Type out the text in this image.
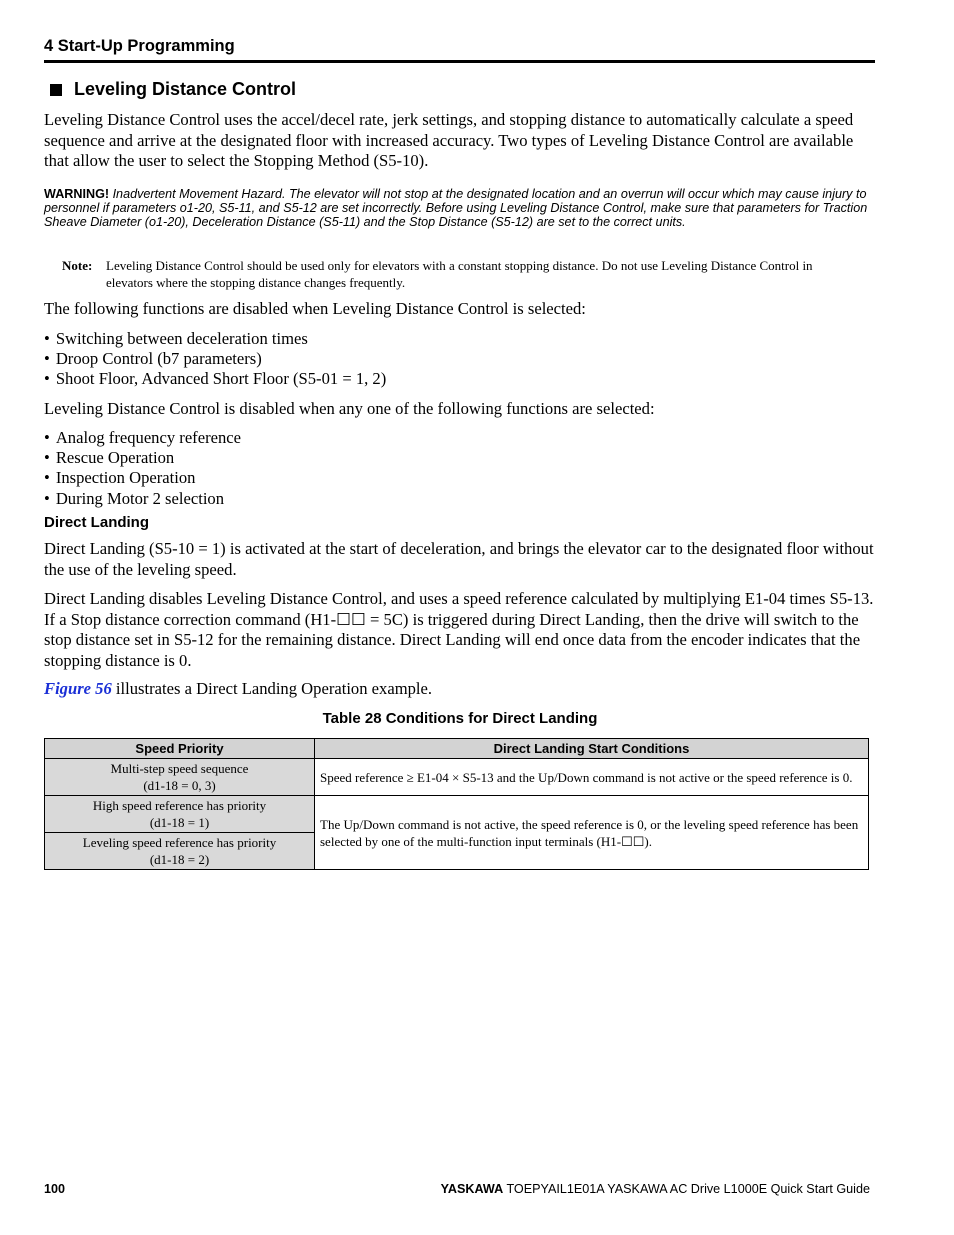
4 Start-Up Programming
Leveling Distance Control

Leveling Distance Control uses the accel/decel rate, jerk settings, and stopping distance to automatically calculate a speed sequence and arrive at the designated floor with increased accuracy. Two types of Leveling Distance Control are available that allow the user to select the Stopping Method (S5-10).

WARNING! Inadvertent Movement Hazard. The elevator will not stop at the designated location and an overrun will occur which may cause injury to personnel if parameters o1-20, S5-11, and S5-12 are set incorrectly. Before using Leveling Distance Control, make sure that parameters for Traction Sheave Diameter (o1-20), Deceleration Distance (S5-11) and the Stop Distance (S5-12) are set to the correct units.

Note: Leveling Distance Control should be used only for elevators with a constant stopping distance. Do not use Leveling Distance Control in elevators where the stopping distance changes frequently.

The following functions are disabled when Leveling Distance Control is selected:

• Switching between deceleration times
• Droop Control (b7 parameters)
• Shoot Floor, Advanced Short Floor (S5-01 = 1, 2)

Leveling Distance Control is disabled when any one of the following functions are selected:

• Analog frequency reference
• Rescue Operation
• Inspection Operation
• During Motor 2 selection
Direct Landing

Direct Landing (S5-10 = 1) is activated at the start of deceleration, and brings the elevator car to the designated floor without the use of the leveling speed.

Direct Landing disables Leveling Distance Control, and uses a speed reference calculated by multiplying E1-04 times S5-13. If a Stop distance correction command (H1-☐☐ = 5C) is triggered during Direct Landing, then the drive will switch to the stop distance set in S5-12 for the remaining distance. Direct Landing will end once data from the encoder indicates that the stopping distance is 0.

Figure 56 illustrates a Direct Landing Operation example.

Table 28 Conditions for Direct Landing
Speed Priority	Direct Landing Start Conditions

Multi-step speed sequence
(d1-18 = 0, 3)	Speed reference ≥ E1-04 × S5-13 and the Up/Down command is not active or the speed reference is 0.

High speed reference has priority
(d1-18 = 1)	The Up/Down command is not active, the speed reference is 0, or the leveling speed reference has been selected by one of the multi-function input terminals (H1-☐☐).

Leveling speed reference has priority
(d1-18 = 2)	
100	YASKAWA TOEPYAIL1E01A YASKAWA AC Drive L1000E Quick Start Guide
